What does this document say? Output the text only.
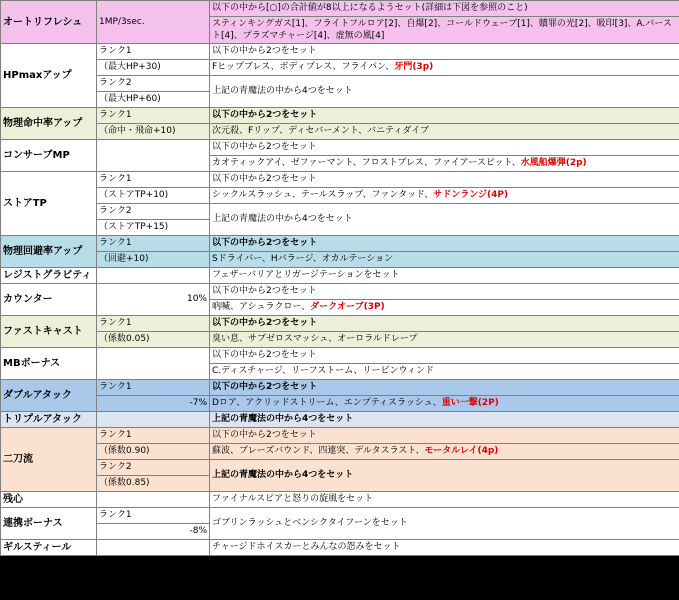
オートリフレシュ	1MP/3sec.	以下の中から[○]の合計値が8以上になるようセット(詳細は下図を参照のこと)
		スティンキングガス[1]、フライトフルロア[2]、自爆[2]、コールドウェーブ[1]、贖罪の光[2]、吸印[3]、A.バースト[4]、プラズマチャージ[4]、虚無の風[4]
HPmaxアップ	ランク1	以下の中から2つをセット
	（最大HP+30)	Fヒップブレス、ボディプレス、フライパン、牙門(3p)
	ランク2	上記の青魔法の中から4つをセット
	（最大HP+60)	
物理命中率アップ	ランク1	以下の中から2つをセット
	（命中・飛命+10)	次元殺、Fリップ、ディセバーメント、バニティダイブ
コンサーブMP		以下の中から2つをセット
		カオティックアイ、ゼファーマント、フロストブレス、ファイアースピット、水風船爆弾(2p)
ストアTP	ランク1	以下の中から2つをセット
	（ストアTP+10)	シックルスラッシュ、テールスラップ、ファンタッド、サドンランジ(4P)
	ランク2	上記の青魔法の中から4つをセット
	（ストアTP+15)	
物理回避率アップ	ランク1	以下の中から2つをセット
	（回避+10)	Sドライバー、Hバラージ、オカルテーション
レジストグラビティ		フェザーバリアとリガージテーションをセット
カウンター	10%	以下の中から2つをセット
		吶喊、アシュラクロー、ダークオーブ(3P)
ファストキャスト	ランク1	以下の中から2つをセット
	（係数0.05)	臭い息、サブゼロスマッシュ、オーロラルドレープ
MBボーナス		以下の中から2つをセット
		C.ディスチャージ、リーフストーム、リービンウィンド
ダブルアタック	ランク1	以下の中から2つをセット
	-7%	Dロア、アクリッドストリーム、エンプティスラッシュ、重い一撃(2P)
トリプルアタック		上記の青魔法の中から4つをセット
二刀流	ランク1	以下の中から2つをセット
	（係数0.90)	蘇波、ブレーズバウンド、四連突、デルタスラスト、モータルレイ(4p)
	ランク2	上記の青魔法の中から4つをセット
	（係数0.85)	
残心		ファイナルスピアと怒りの旋風をセット
連携ボーナス	ランク1	ゴブリンラッシュとベンシクタイフーンをセット
	-8%	
ギルスティール		チャージドホイスカーとみんなの怨みをセット
